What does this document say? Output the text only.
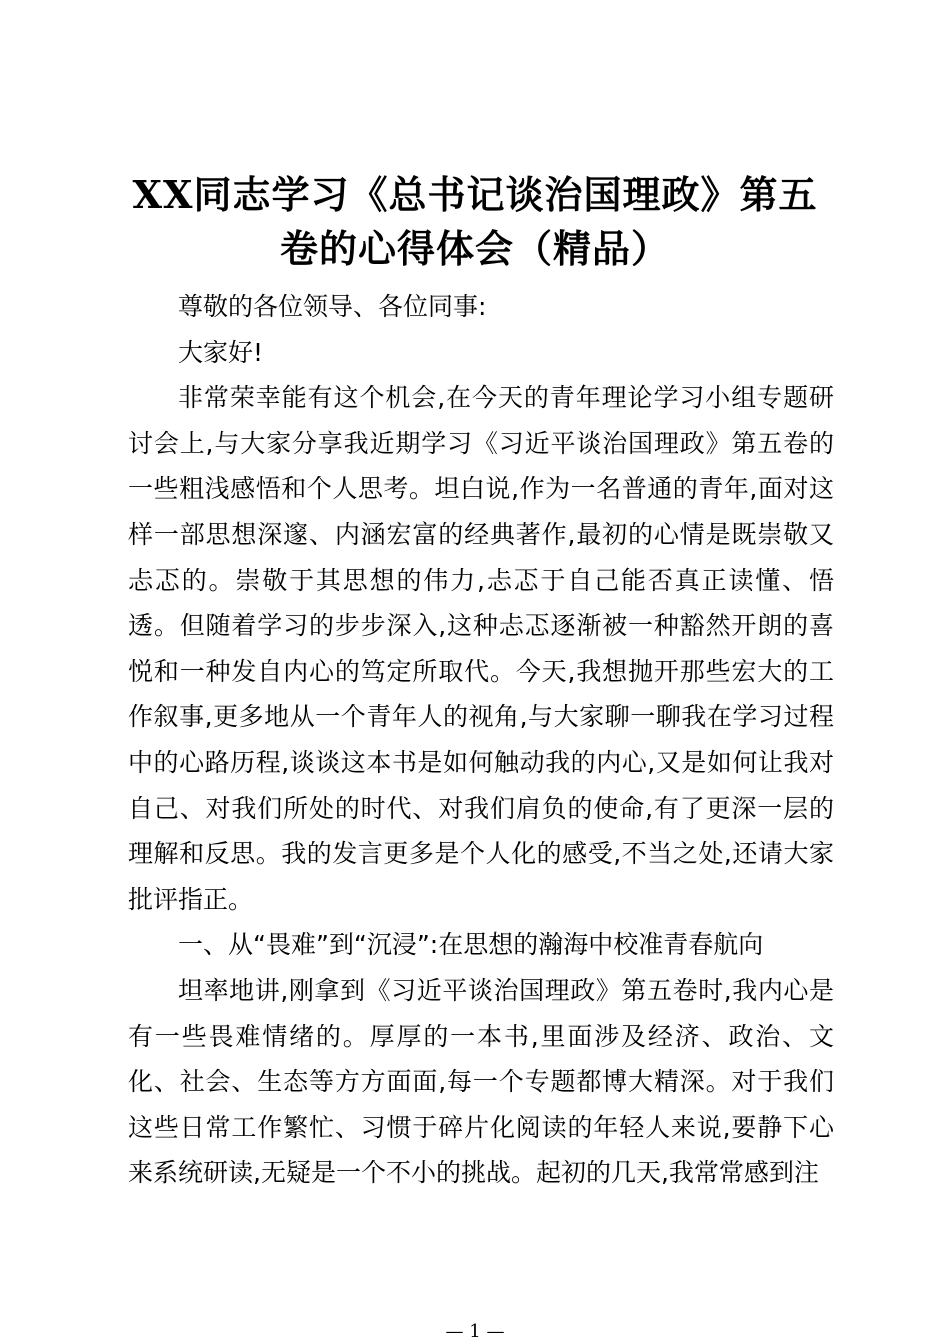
XX同志学习《总书记谈治国理政》第五卷的心得体会（精品）

尊敬的各位领导、各位同事:

大家好!

非常荣幸能有这个机会,在今天的青年理论学习小组专题研讨会上,与大家分享我近期学习《习近平谈治国理政》第五卷的一些粗浅感悟和个人思考。坦白说,作为一名普通的青年,面对这样一部思想深邃、内涵宏富的经典著作,最初的心情是既崇敬又忐忑的。崇敬于其思想的伟力,忐忑于自己能否真正读懂、悟透。但随着学习的步步深入,这种忐忑逐渐被一种豁然开朗的喜悦和一种发自内心的笃定所取代。今天,我想抛开那些宏大的工作叙事,更多地从一个青年人的视角,与大家聊一聊我在学习过程中的心路历程,谈谈这本书是如何触动我的内心,又是如何让我对自己、对我们所处的时代、对我们肩负的使命,有了更深一层的理解和反思。我的发言更多是个人化的感受,不当之处,还请大家批评指正。

一、从“畏难”到“沉浸”:在思想的瀚海中校准青春航向

坦率地讲,刚拿到《习近平谈治国理政》第五卷时,我内心是有一些畏难情绪的。厚厚的一本书,里面涉及经济、政治、文化、社会、生态等方方面面,每一个专题都博大精深。对于我们这些日常工作繁忙、习惯于碎片化阅读的年轻人来说,要静下心来系统研读,无疑是一个不小的挑战。起初的几天,我常常感到注

— 1 —
